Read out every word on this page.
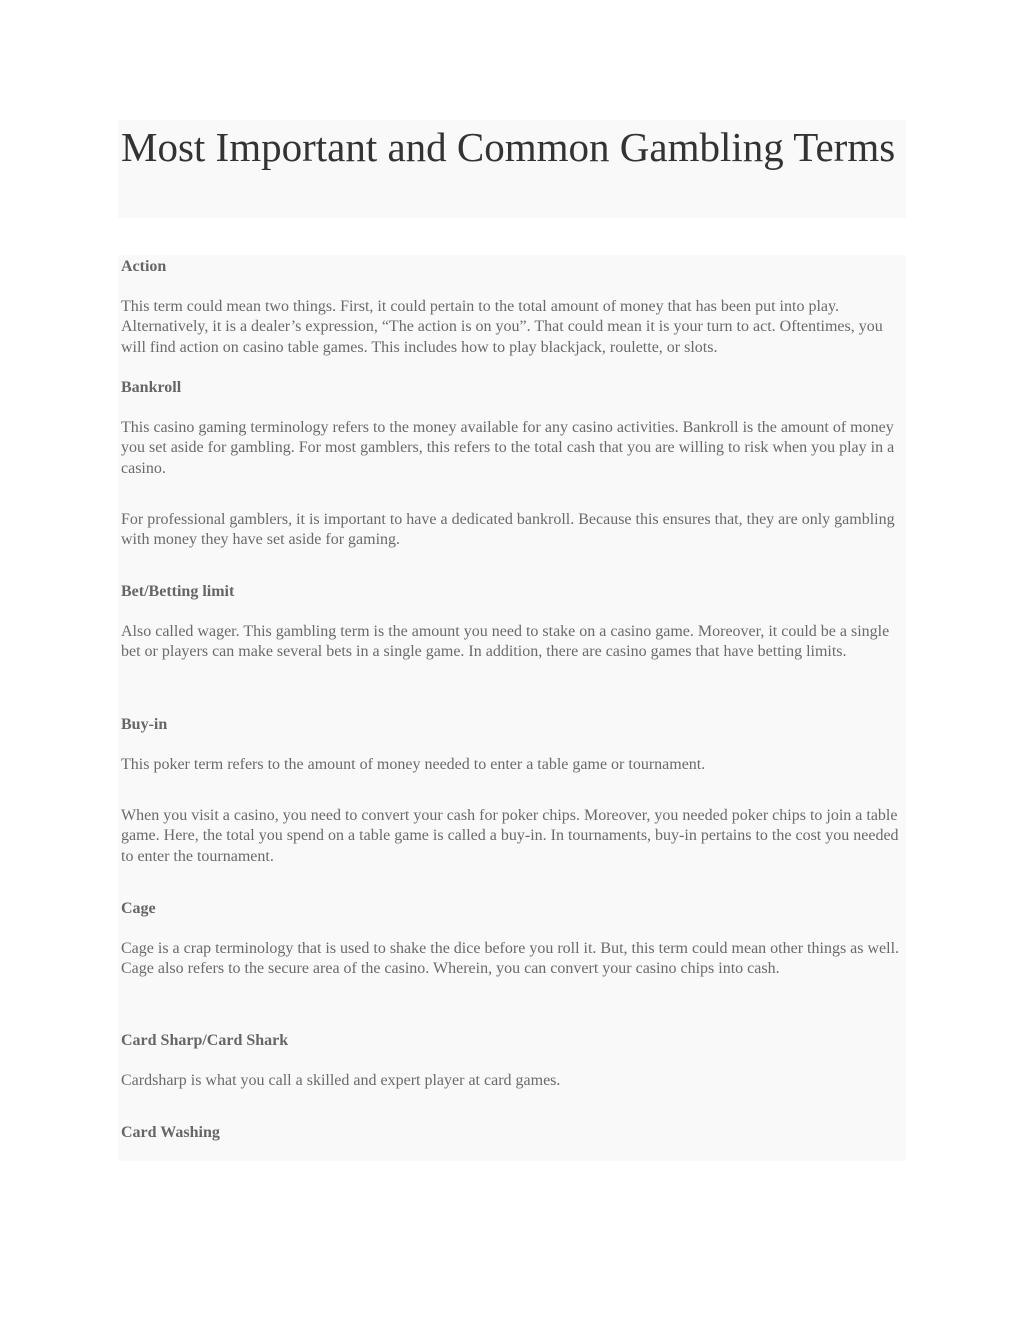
Most Important and Common Gambling Terms
Action

This term could mean two things. First, it could pertain to the total amount of money that has been put into play. Alternatively, it is a dealer’s expression, “The action is on you”. That could mean it is your turn to act. Oftentimes, you will find action on casino table games. This includes how to play blackjack, roulette, or slots.

Bankroll

This casino gaming terminology refers to the money available for any casino activities. Bankroll is the amount of money you set aside for gambling. For most gamblers, this refers to the total cash that you are willing to risk when you play in a casino.

For professional gamblers, it is important to have a dedicated bankroll. Because this ensures that, they are only gambling with money they have set aside for gaming.

Bet/Betting limit

Also called wager. This gambling term is the amount you need to stake on a casino game. Moreover, it could be a single bet or players can make several bets in a single game. In addition, there are casino games that have betting limits.

Buy-in

This poker term refers to the amount of money needed to enter a table game or tournament.

When you visit a casino, you need to convert your cash for poker chips. Moreover, you needed poker chips to join a table game. Here, the total you spend on a table game is called a buy-in. In tournaments, buy-in pertains to the cost you needed to enter the tournament.

Cage

Cage is a crap terminology that is used to shake the dice before you roll it. But, this term could mean other things as well. Cage also refers to the secure area of the casino. Wherein, you can convert your casino chips into cash.

Card Sharp/Card Shark

Cardsharp is what you call a skilled and expert player at card games.

Card Washing
